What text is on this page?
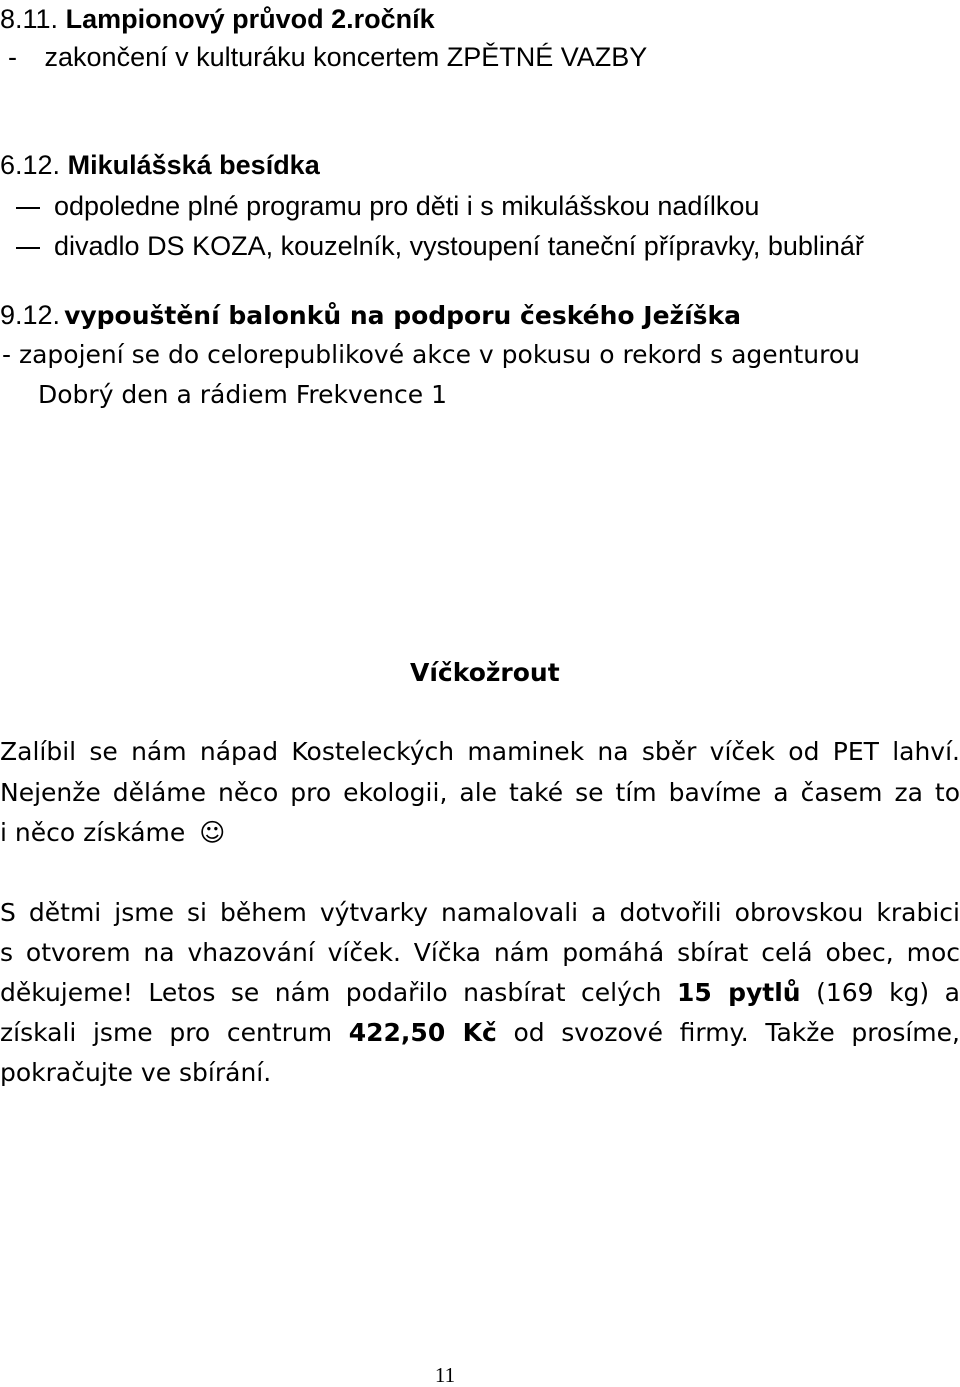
8.11. Lampionový průvod 2.ročník
- zakončení v kulturáku koncertem ZPĚTNÉ VAZBY
6.12. Mikulášská besídka
odpoledne plné programu pro děti i s mikulášskou nadílkou
divadlo DS KOZA, kouzelník, vystoupení taneční přípravky, bublinář
9.12. vypouštění balonků na podporu českého Ježíška
- zapojení se do celorepublikové akce v pokusu o rekord s agenturou
Dobrý den a rádiem Frekvence 1
Víčkožrout
Zalíbil se nám nápad Kosteleckých maminek na sběr víček od PET lahví.
Nejenže děláme něco pro ekologii, ale také se tím bavíme a časem za to
i něco získáme ☺
S dětmi jsme si během výtvarky namalovali a dotvořili obrovskou krabici
s otvorem na vhazování víček. Víčka nám pomáhá sbírat celá obec, moc
děkujeme! Letos se nám podařilo nasbírat celých 15 pytlů (169 kg) a
získali jsme pro centrum 422,50 Kč od svozové firmy. Takže prosíme,
pokračujte ve sbírání.
11
